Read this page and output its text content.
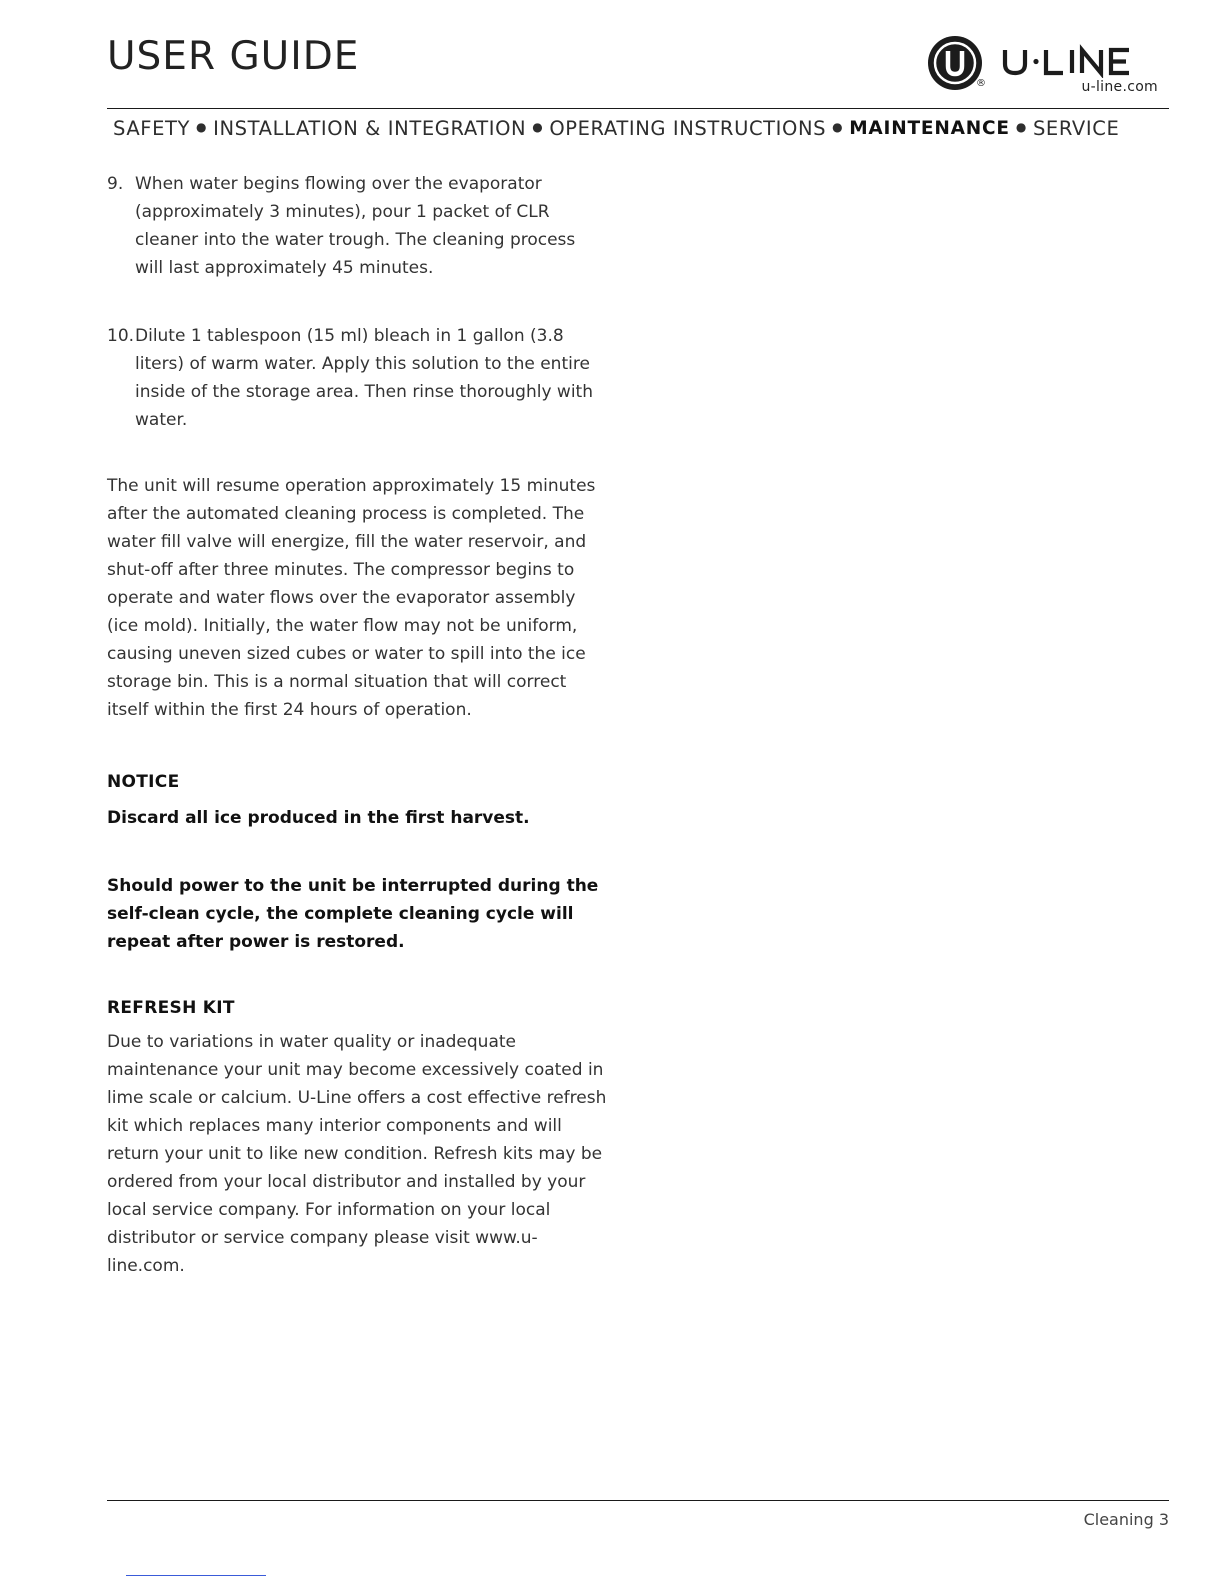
USER GUIDE
®	u-line.com
SAFETY ● INSTALLATION & INTEGRATION ● OPERATING INSTRUCTIONS ● MAINTENANCE ● SERVICE
9. When water begins flowing over the evaporator (approximately 3 minutes), pour 1 packet of CLR cleaner into the water trough. The cleaning process will last approximately 45 minutes.
10. Dilute 1 tablespoon (15 ml) bleach in 1 gallon (3.8 liters) of warm water. Apply this solution to the entire inside of the storage area. Then rinse thoroughly with water.

The unit will resume operation approximately 15 minutes after the automated cleaning process is completed. The water fill valve will energize, fill the water reservoir, and shut-off after three minutes. The compressor begins to operate and water flows over the evaporator assembly (ice mold). Initially, the water flow may not be uniform, causing uneven sized cubes or water to spill into the ice storage bin. This is a normal situation that will correct itself within the first 24 hours of operation.

NOTICE

Discard all ice produced in the first harvest.

Should power to the unit be interrupted during the self-clean cycle, the complete cleaning cycle will repeat after power is restored.

REFRESH KIT

Due to variations in water quality or inadequate maintenance your unit may become excessively coated in lime scale or calcium. U-Line offers a cost effective refresh kit which replaces many interior components and will return your unit to like new condition. Refresh kits may be ordered from your local distributor and installed by your local service company. For information on your local distributor or service company please visit www.u-line.com.

Cleaning 3
